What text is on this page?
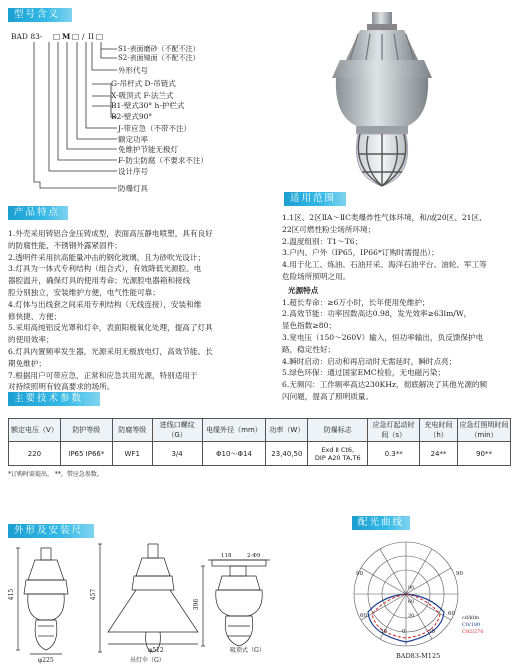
型号含义
BAD 83- □ M □ / II □
S1-表面磨砂（不配不注）
S2-表面镜面（不配不注）
外形代号
G-吊杆式 D-吊链式
X-吸顶式 F-法兰式
B1-壁式30° h-护栏式
B2-壁式90°
J-带应急（不带不注）
额定功率
免维护节能无极灯
F-防尘防腐（不要求不注）
设计序号
防爆灯具
产品特点

1.外壳采用铸铝合金压铸成型，表面高压静电喷塑，具有良好

的防腐性能，不锈钢外露紧固件；

2.透明件采用抗高能量冲击的钢化玻璃，且为砂吹光设计；

3.灯具为一体式专利结构（组合式），有效降低光源腔、电

器腔温升，确保灯具的使用寿命；光源腔电器箱和接线

腔分别独立，安装维护方便，电气性能可靠；

4.灯体与出线套之间采用专利结构（无线连接），安装和维

修快捷、方便；

5.采用高纯铝反光罩和灯伞，表面阳极氧化处理，提高了灯具

的使用效率；

6.灯具内置频率发生器，光源采用无极放电灯，高效节能、长

期免维护；

7.根据用户可带应急，正常和应急共用光源，特别适用于

对持续照明有较高要求的场所。

适用范围

1.1区、2区ⅡA～ⅡC类爆炸性气体环境，和/或20区、21区、

22区可燃性粉尘场所环境；

2.温度组别：T1～T6；

3.户内、户外（IP65，IP66*订购时需提出）；

4.用于化工、炼油、石油开采、海洋石油平台、油轮、军工等

危险场所照明之用。

光源特点

1.超长寿命：≥6万小时，长年使用免维护；

2.高效节能：功率因数高达0.98，发光效率≥63lm/W，

显色指数≥80；

3.宽电压（150～260V）输入，恒功率输出，负反馈保护电

路，稳定性好；

4.瞬时启动：启动和再启动时无需延时，瞬时点亮；

5.绿色环保：通过国家EMC检验，无电磁污染；

6.无频闪：工作频率高达230KHz，彻底解决了其他光源的频

闪问题，提高了照明质量。

主要技术参数
额定电压（V）	防护等级	防腐等级	进线口螺纹（G）	电缆外径（mm）	功率（W）	防爆标志	应急灯起动时间（s）	充电时间（h）	应急灯照明时间（min）
220	IP65 IP66*	WF1	3/4	Φ10～Φ14	23,40,50	Exd Ⅱ Ct6,
DIP A20 TA,T6	0.3**	24**	90**
*订购时需提出， **，带应急参数。
外形及安装尺寸
415	457
396
φ225
φ512
118	2-Φ9
吸顶式（G）
吊灯伞（G）
配光曲线
90
60
30	0	30
60
90
30
60
90
cd/klm
C0/180
C92/270
BAD83-M125
